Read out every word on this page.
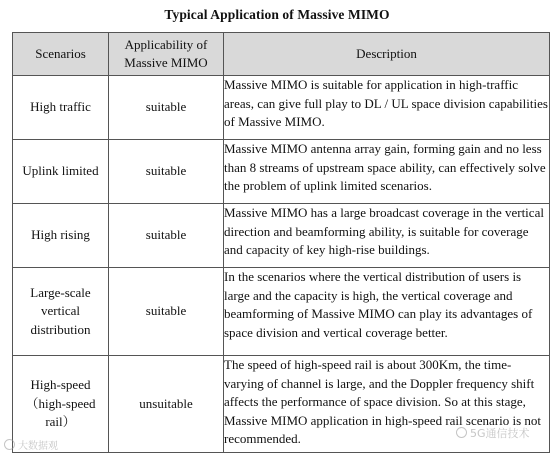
Typical Application of Massive MIMO
Scenarios	Applicability of Massive MIMO	Description
High traffic	suitable	Massive MIMO is suitable for application in high-traffic areas, can give full play to DL / UL space division capabilities of Massive MIMO.
Uplink limited	suitable	Massive MIMO antenna array gain, forming gain and no less than 8 streams of upstream space ability, can effectively solve the problem of uplink limited scenarios.
High rising	suitable	Massive MIMO has a large broadcast coverage in the vertical direction and beamforming ability, is suitable for coverage and capacity of key high-rise buildings.
Large-scale vertical distribution	suitable	In the scenarios where the vertical distribution of users is large and the capacity is high, the vertical coverage and beamforming of Massive MIMO can play its advantages of space division and vertical coverage better.
High-speed （high-speed rail）	unsuitable	The speed of high-speed rail is about 300Km, the time-varying of channel is large, and the Doppler frequency shift affects the performance of space division. So at this stage, Massive MIMO application in high-speed rail scenario is not recommended.
大数据观
5G通信技术
